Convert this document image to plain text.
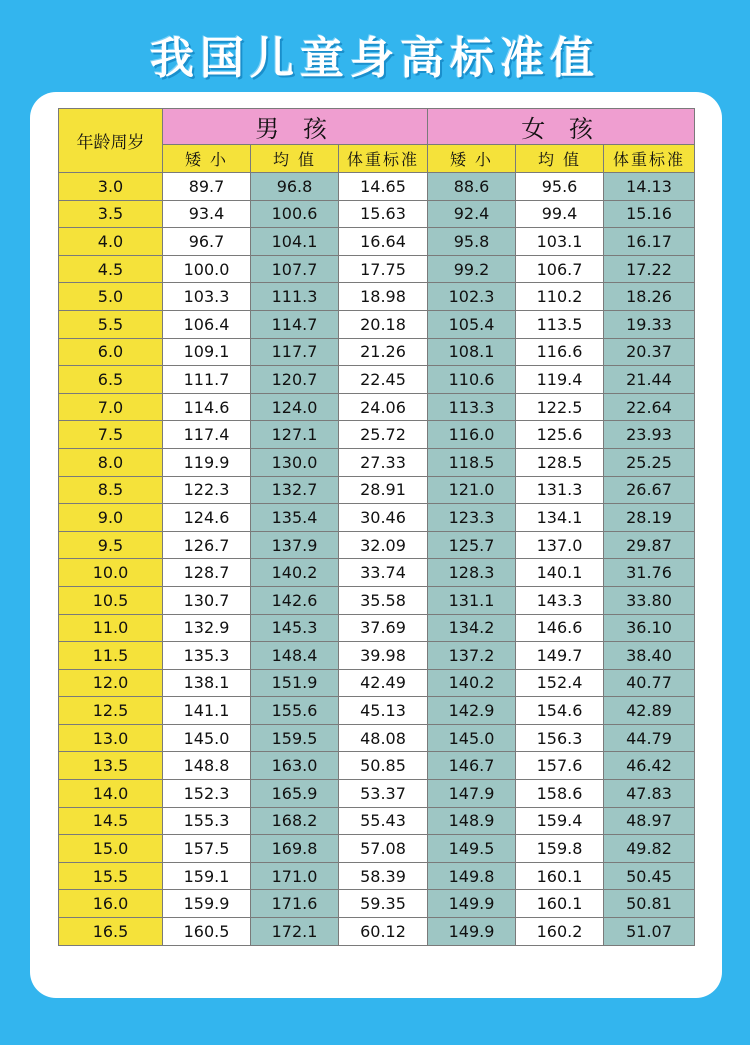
我国儿童身高标准值
年龄周岁	男 孩			女 孩		
	矮 小	均 值	体重标准	矮 小	均 值	体重标准
3.0	89.7	96.8	14.65	88.6	95.6	14.13
3.5	93.4	100.6	15.63	92.4	99.4	15.16
4.0	96.7	104.1	16.64	95.8	103.1	16.17
4.5	100.0	107.7	17.75	99.2	106.7	17.22
5.0	103.3	111.3	18.98	102.3	110.2	18.26
5.5	106.4	114.7	20.18	105.4	113.5	19.33
6.0	109.1	117.7	21.26	108.1	116.6	20.37
6.5	111.7	120.7	22.45	110.6	119.4	21.44
7.0	114.6	124.0	24.06	113.3	122.5	22.64
7.5	117.4	127.1	25.72	116.0	125.6	23.93
8.0	119.9	130.0	27.33	118.5	128.5	25.25
8.5	122.3	132.7	28.91	121.0	131.3	26.67
9.0	124.6	135.4	30.46	123.3	134.1	28.19
9.5	126.7	137.9	32.09	125.7	137.0	29.87
10.0	128.7	140.2	33.74	128.3	140.1	31.76
10.5	130.7	142.6	35.58	131.1	143.3	33.80
11.0	132.9	145.3	37.69	134.2	146.6	36.10
11.5	135.3	148.4	39.98	137.2	149.7	38.40
12.0	138.1	151.9	42.49	140.2	152.4	40.77
12.5	141.1	155.6	45.13	142.9	154.6	42.89
13.0	145.0	159.5	48.08	145.0	156.3	44.79
13.5	148.8	163.0	50.85	146.7	157.6	46.42
14.0	152.3	165.9	53.37	147.9	158.6	47.83
14.5	155.3	168.2	55.43	148.9	159.4	48.97
15.0	157.5	169.8	57.08	149.5	159.8	49.82
15.5	159.1	171.0	58.39	149.8	160.1	50.45
16.0	159.9	171.6	59.35	149.9	160.1	50.81
16.5	160.5	172.1	60.12	149.9	160.2	51.07
